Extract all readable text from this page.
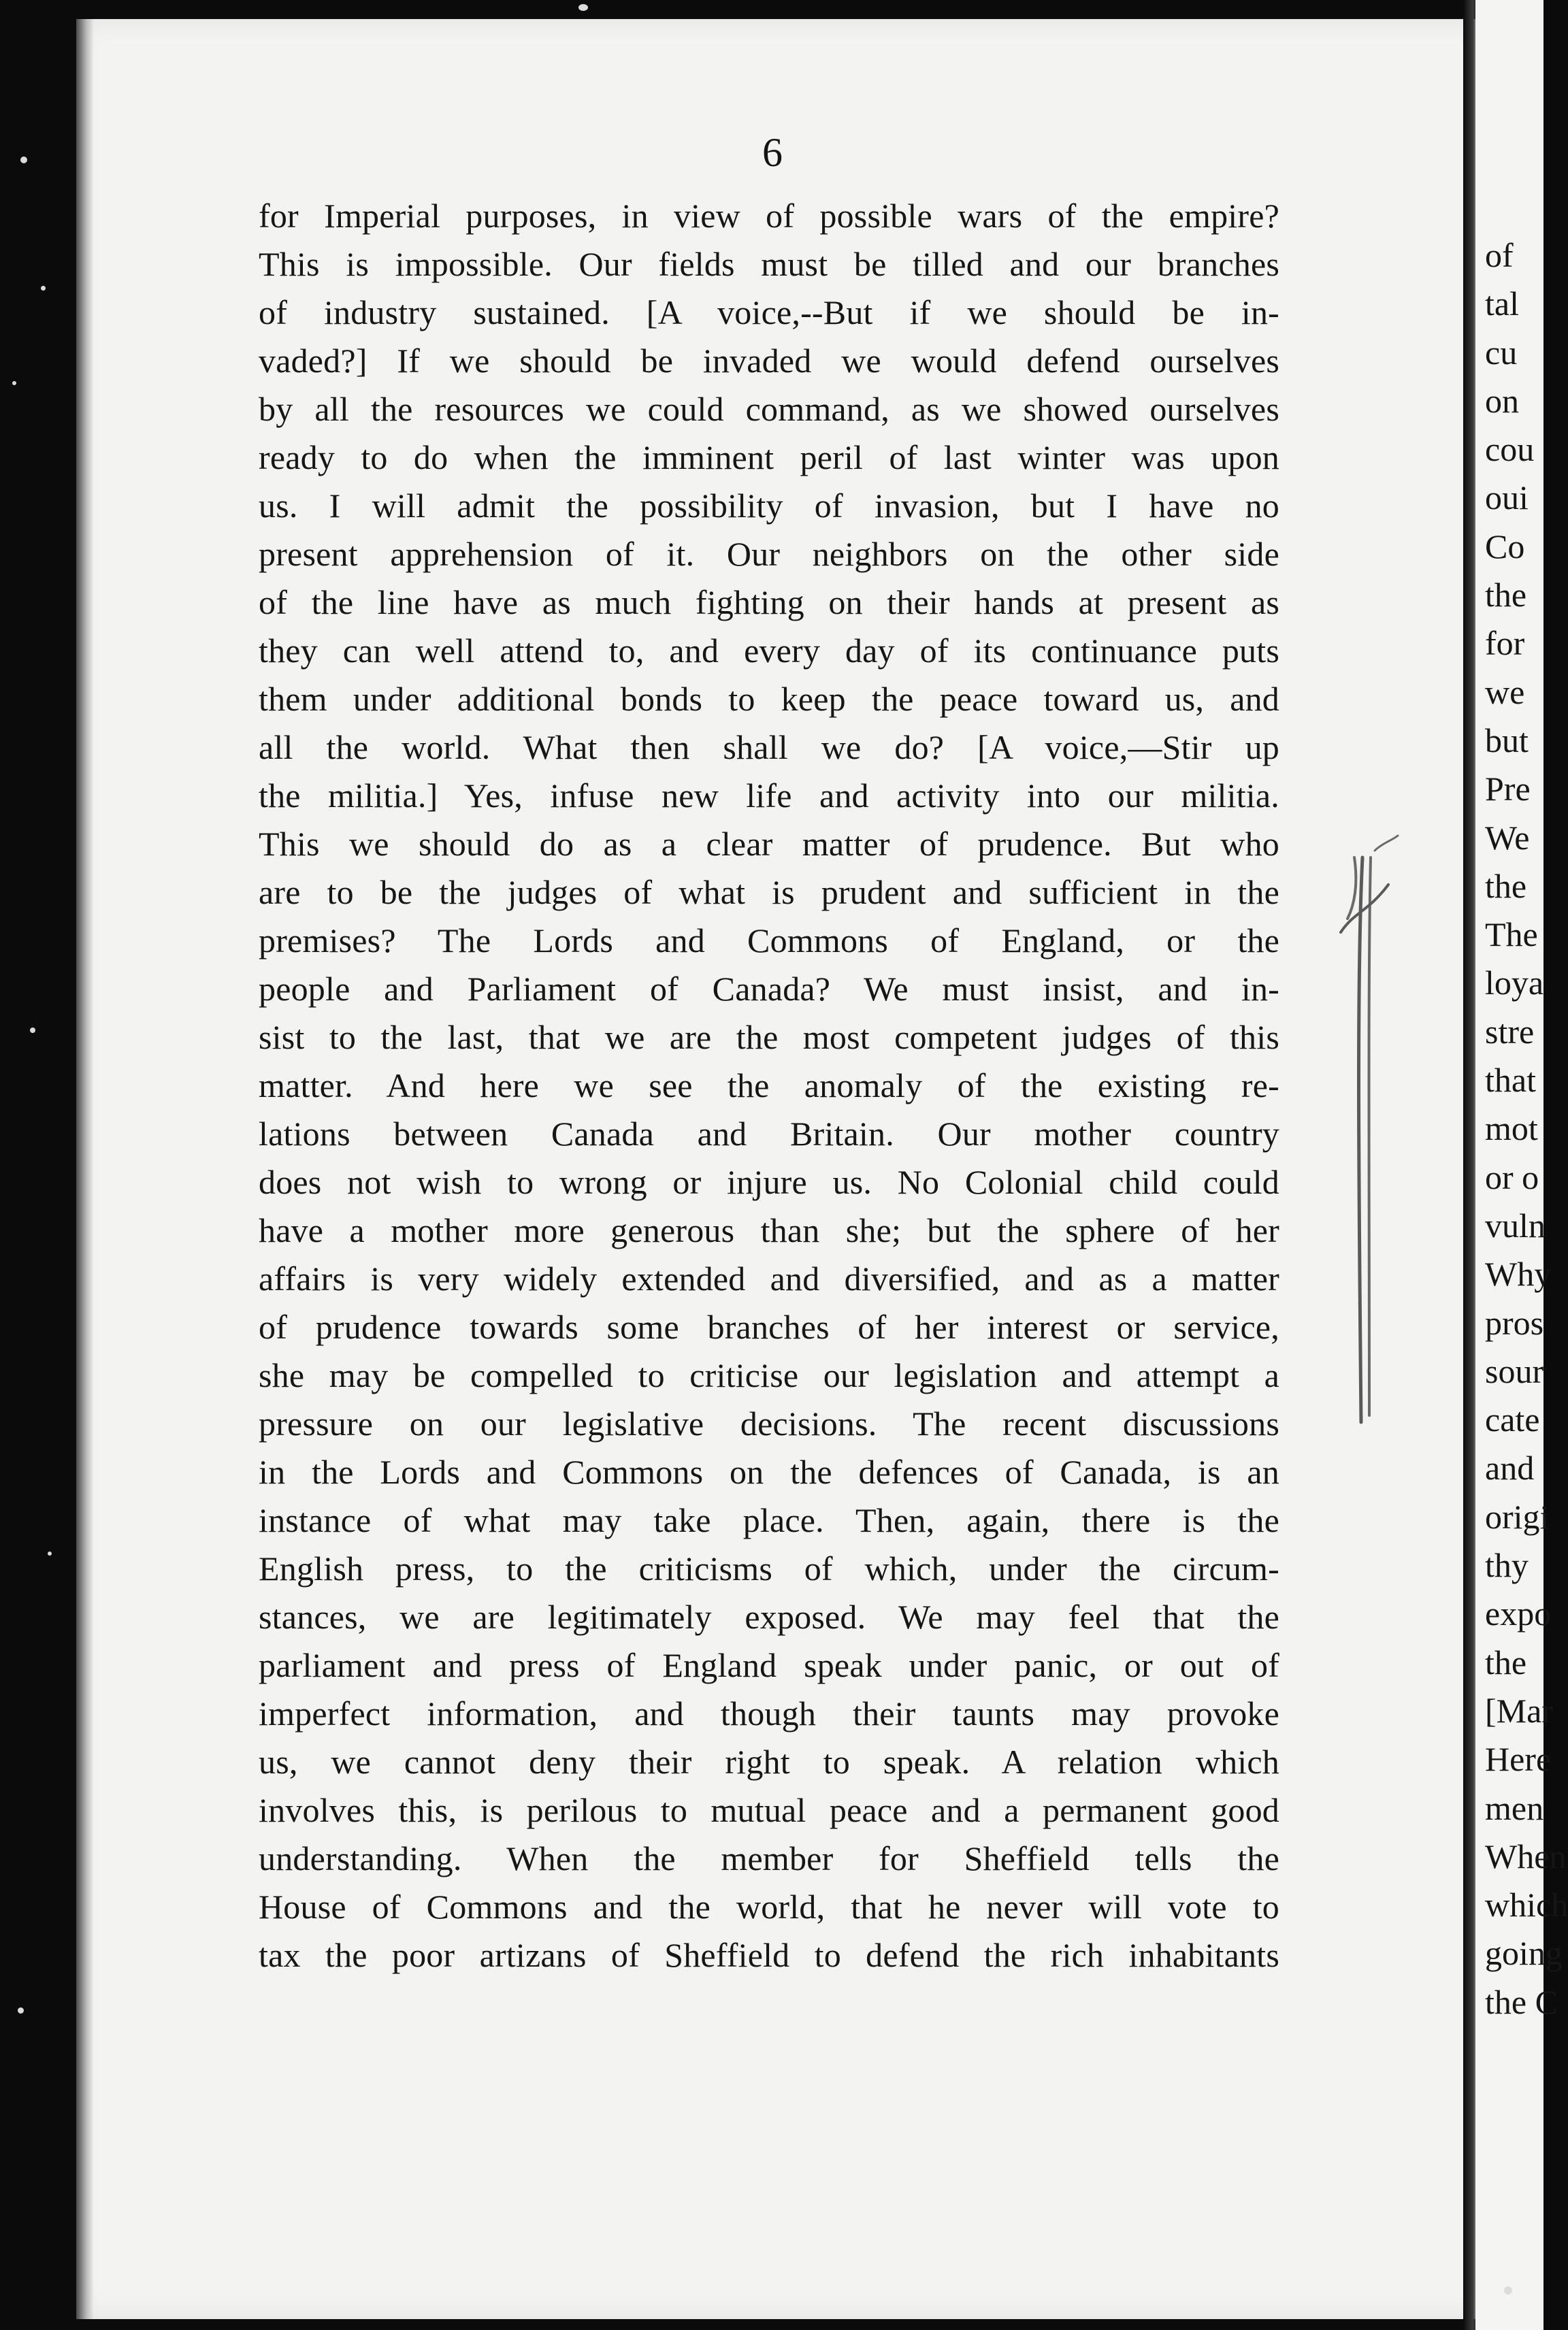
6
for Imperial purposes, in view of possible wars of the empire?
This is impossible. Our fields must be tilled and our branches
of industry sustained. [A voice,--But if we should be in-
vaded?] If we should be invaded we would defend ourselves
by all the resources we could command, as we showed ourselves
ready to do when the imminent peril of last winter was upon
us. I will admit the possibility of invasion, but I have no
present apprehension of it. Our neighbors on the other side
of the line have as much fighting on their hands at present as
they can well attend to, and every day of its continuance puts
them under additional bonds to keep the peace toward us, and
all the world. What then shall we do? [A voice,—Stir up
the militia.] Yes, infuse new life and activity into our militia.
This we should do as a clear matter of prudence. But who
are to be the judges of what is prudent and sufficient in the
premises? The Lords and Commons of England, or the
people and Parliament of Canada? We must insist, and in-
sist to the last, that we are the most competent judges of this
matter. And here we see the anomaly of the existing re-
lations between Canada and Britain. Our mother country
does not wish to wrong or injure us. No Colonial child could
have a mother more generous than she; but the sphere of her
affairs is very widely extended and diversified, and as a matter
of prudence towards some branches of her interest or service,
she may be compelled to criticise our legislation and attempt a
pressure on our legislative decisions. The recent discussions
in the Lords and Commons on the defences of Canada, is an
instance of what may take place. Then, again, there is the
English press, to the criticisms of which, under the circum-
stances, we are legitimately exposed. We may feel that the
parliament and press of England speak under panic, or out of
imperfect information, and though their taunts may provoke
us, we cannot deny their right to speak. A relation which
involves this, is perilous to mutual peace and a permanent good
understanding. When the member for Sheffield tells the
House of Commons and the world, that he never will vote to
tax the poor artizans of Sheffield to defend the rich inhabitants
of
tal
cu
on
cou
oui
Co
the
for
we
but
Pre
We
the
The
loya
stre
that
mot
or o
vuln
Why
pros
sour
cate
and
origi
thy
expo
the
[Mar
Here
men
When
which
going
the C
